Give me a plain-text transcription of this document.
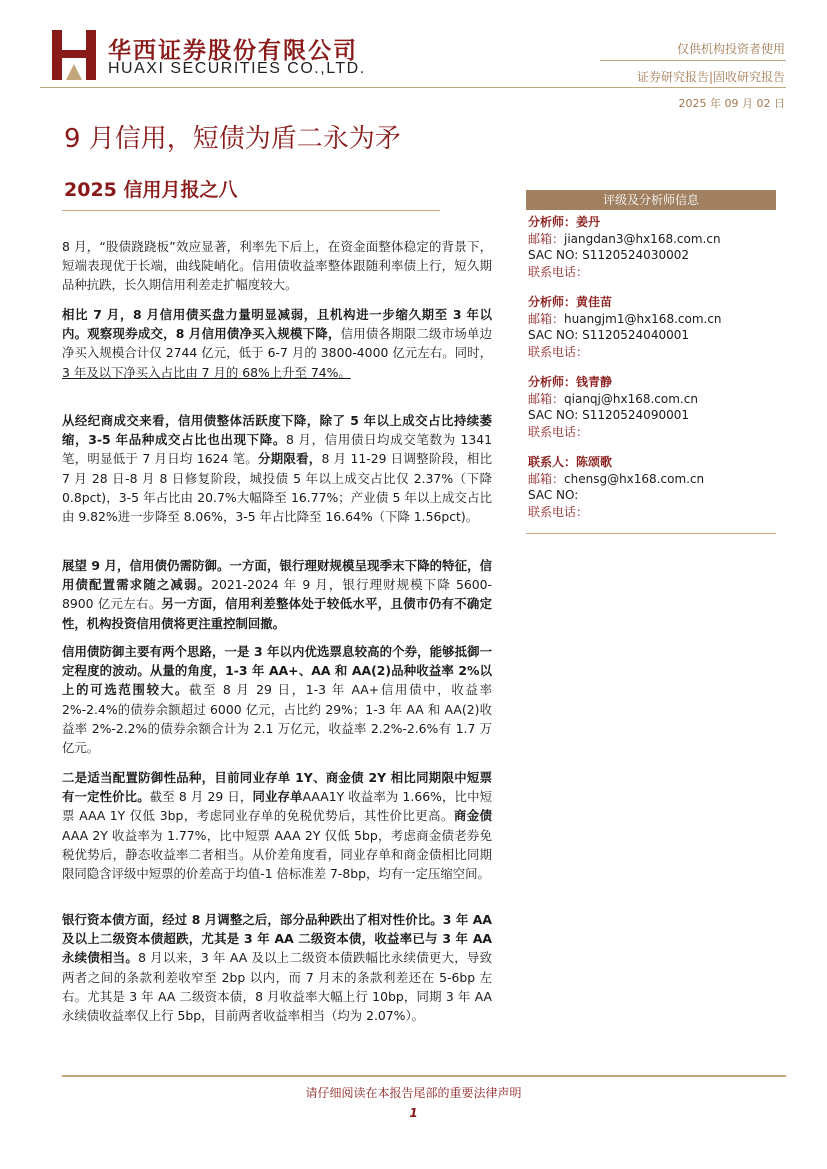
华西证券股份有限公司
HUAXI SECURITIES CO.,LTD.
仅供机构投资者使用
证券研究报告|固收研究报告
2025 年 09 月 02 日
9 月信用，短债为盾二永为矛
2025 信用月报之八
8 月，“股债跷跷板”效应显著，利率先下后上，在资金面整体稳定的背景下，短端表现优于长端，曲线陡峭化。信用债收益率整体跟随利率债上行，短久期品种抗跌，长久期信用利差走扩幅度较大。
相比 7 月，8 月信用债买盘力量明显减弱，且机构进一步缩久期至 3 年以内。观察现券成交，8 月信用债净买入规模下降，信用债各期限二级市场单边净买入规模合计仅 2744 亿元，低于 6-7 月的 3800-4000 亿元左右。同时，3 年及以下净买入占比由 7 月的 68%上升至 74%。
从经纪商成交来看，信用债整体活跃度下降，除了 5 年以上成交占比持续萎缩，3-5 年品种成交占比也出现下降。8 月，信用债日均成交笔数为 1341 笔，明显低于 7 月日均 1624 笔。分期限看，8 月 11-29 日调整阶段，相比 7 月 28 日-8 月 8 日修复阶段，城投债 5 年以上成交占比仅 2.37%（下降 0.8pct)，3-5 年占比由 20.7%大幅降至 16.77%；产业债 5 年以上成交占比由 9.82%进一步降至 8.06%，3-5 年占比降至 16.64%（下降 1.56pct)。
展望 9 月，信用债仍需防御。一方面，银行理财规模呈现季末下降的特征，信用债配置需求随之减弱。2021-2024 年 9 月，银行理财规模下降 5600-8900 亿元左右。另一方面，信用利差整体处于较低水平，且债市仍有不确定性，机构投资信用债将更注重控制回撤。
信用债防御主要有两个思路，一是 3 年以内优选票息较高的个券，能够抵御一定程度的波动。从量的角度，1-3 年 AA+、AA 和 AA(2)品种收益率 2%以上的可选范围较大。截至 8 月 29 日，1-3 年 AA+信用债中，收益率 2%-2.4%的债券余额超过 6000 亿元，占比约 29%；1-3 年 AA 和 AA(2)收益率 2%-2.2%的债券余额合计为 2.1 万亿元，收益率 2.2%-2.6%有 1.7 万亿元。
二是适当配置防御性品种，目前同业存单 1Y、商金债 2Y 相比同期限中短票有一定性价比。截至 8 月 29 日，同业存单AAA1Y 收益率为 1.66%，比中短票 AAA 1Y 仅低 3bp，考虑同业存单的免税优势后，其性价比更高。商金债 AAA 2Y 收益率为 1.77%，比中短票 AAA 2Y 仅低 5bp，考虑商金债老券免税优势后，静态收益率二者相当。从价差角度看，同业存单和商金债相比同期限同隐含评级中短票的价差高于均值-1 倍标准差 7-8bp，均有一定压缩空间。
银行资本债方面，经过 8 月调整之后，部分品种跌出了相对性价比。3 年 AA 及以上二级资本债超跌，尤其是 3 年 AA 二级资本债，收益率已与 3 年 AA 永续债相当。8 月以来，3 年 AA 及以上二级资本债跌幅比永续债更大，导致两者之间的条款利差收窄至 2bp 以内，而 7 月末的条款利差还在 5-6bp 左右。尤其是 3 年 AA 二级资本债，8 月收益率大幅上行 10bp，同期 3 年 AA 永续债收益率仅上行 5bp，目前两者收益率相当（均为 2.07%）。
评级及分析师信息
分析师：姜丹
邮箱：jiangdan3@hx168.com.cn
SAC NO: S1120524030002
联系电话：
分析师：黄佳苗
邮箱：huangjm1@hx168.com.cn
SAC NO: S1120524040001
联系电话：
分析师：钱青静
邮箱：qianqj@hx168.com.cn
SAC NO: S1120524090001
联系电话：
联系人：陈颂歌
邮箱：chensg@hx168.com.cn
SAC NO:
联系电话：
请仔细阅读在本报告尾部的重要法律声明
1
